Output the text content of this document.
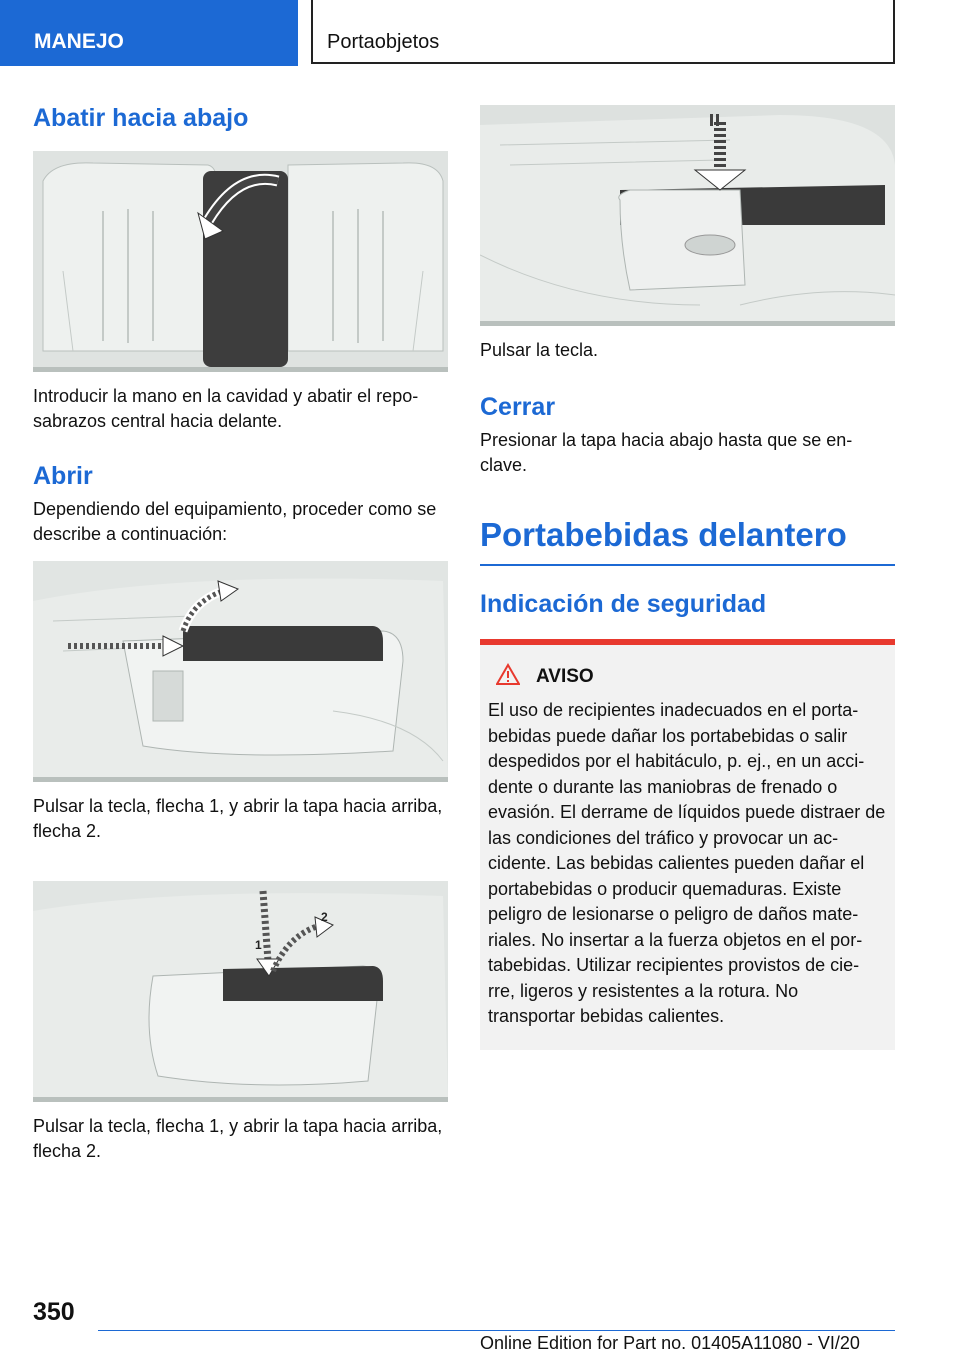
MANEJO	Portaobjetos
Abatir hacia abajo

Introducir la mano en la cavidad y abatir el repo‐ sabrazos central hacia delante.

Abrir

Dependiendo del equipamiento, proceder como se describe a continuación:

Pulsar la tecla, flecha 1, y abrir la tapa hacia arriba, flecha 2.

1
2

Pulsar la tecla, flecha 1, y abrir la tapa hacia arriba, flecha 2.

Pulsar la tecla.

Cerrar

Presionar la tapa hacia abajo hasta que se en‐ clave.

Portabebidas delantero
Indicación de seguridad
AVISO

El uso de recipientes inadecuados en el porta‐ bebidas puede dañar los portabebidas o salir despedidos por el habitáculo, p. ej., en un acci‐ dente o durante las maniobras de frenado o evasión. El derrame de líquidos puede distraer de las condiciones del tráfico y provocar un ac‐ cidente. Las bebidas calientes pueden dañar el portabebidas o producir quemaduras. Existe peligro de lesionarse o peligro de daños mate‐ riales. No insertar a la fuerza objetos en el por‐ tabebidas. Utilizar recipientes provistos de cie‐ rre, ligeros y resistentes a la rotura. No transportar bebidas calientes.

350
Online Edition for Part no. 01405A11080 - VI/20
